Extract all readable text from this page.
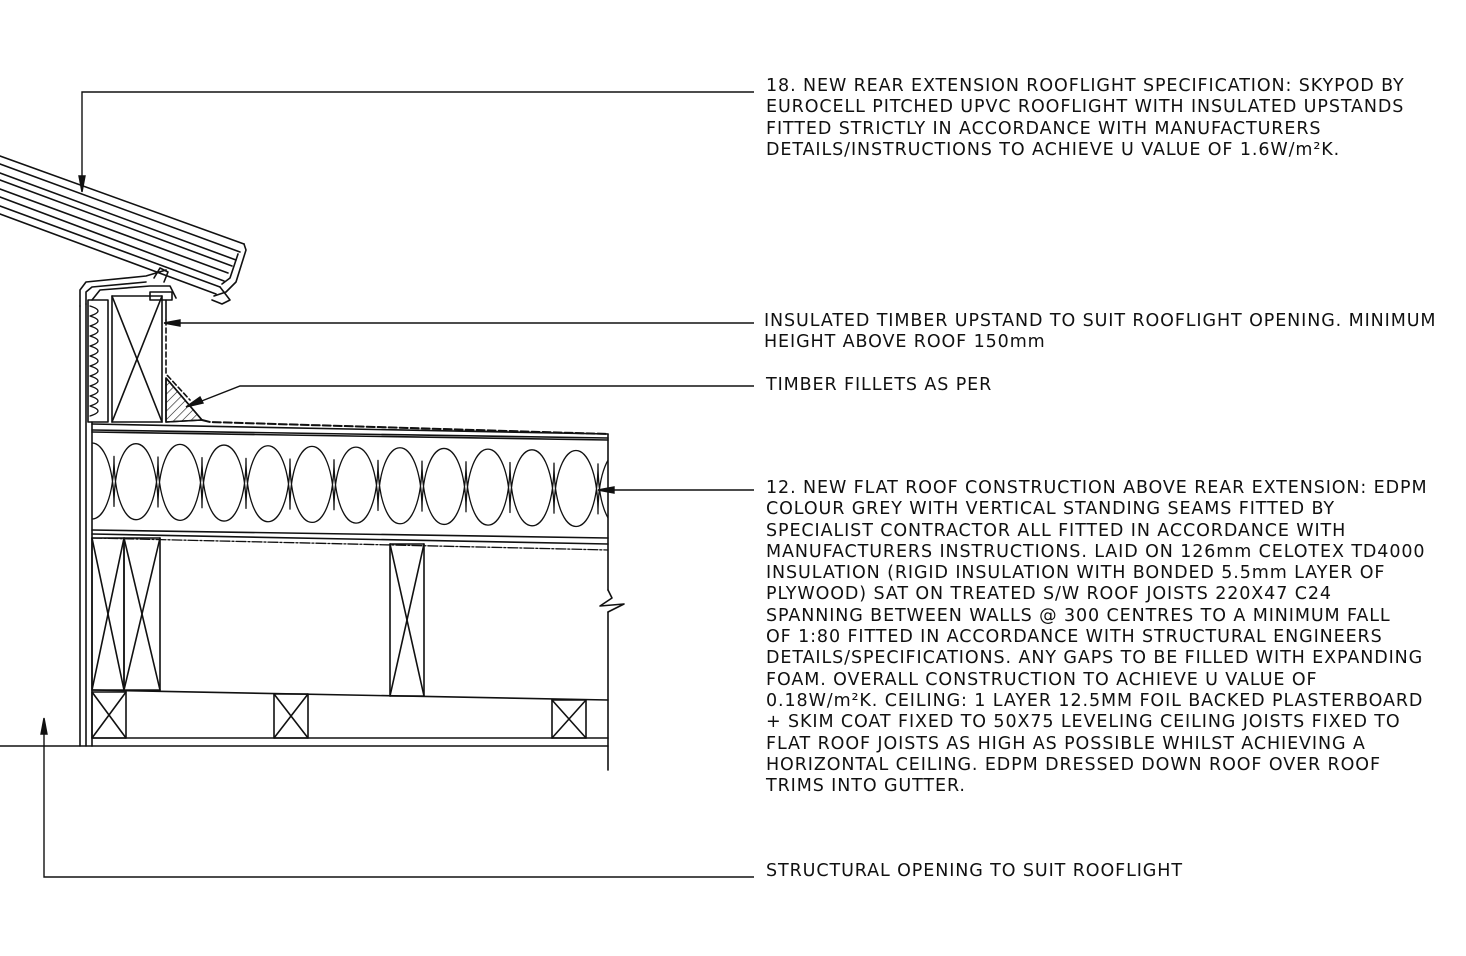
18. NEW REAR EXTENSION ROOFLIGHT SPECIFICATION: SKYPOD BY
EUROCELL PITCHED UPVC ROOFLIGHT WITH INSULATED UPSTANDS
FITTED STRICTLY IN ACCORDANCE WITH MANUFACTURERS
DETAILS/INSTRUCTIONS TO ACHIEVE U VALUE OF 1.6W/m²K.

INSULATED TIMBER UPSTAND TO SUIT ROOFLIGHT OPENING. MINIMUM
HEIGHT ABOVE ROOF 150mm

TIMBER FILLETS AS PER

12. NEW FLAT ROOF CONSTRUCTION ABOVE REAR EXTENSION: EDPM
COLOUR GREY WITH VERTICAL STANDING SEAMS FITTED BY
SPECIALIST CONTRACTOR ALL FITTED IN ACCORDANCE WITH
MANUFACTURERS INSTRUCTIONS. LAID ON 126mm CELOTEX TD4000
INSULATION (RIGID INSULATION WITH BONDED 5.5mm LAYER OF
PLYWOOD) SAT ON TREATED S/W ROOF JOISTS 220X47 C24
SPANNING BETWEEN WALLS @ 300 CENTRES TO A MINIMUM FALL
OF 1:80 FITTED IN ACCORDANCE WITH STRUCTURAL ENGINEERS
DETAILS/SPECIFICATIONS. ANY GAPS TO BE FILLED WITH EXPANDING
FOAM. OVERALL CONSTRUCTION TO ACHIEVE U VALUE OF
0.18W/m²K. CEILING: 1 LAYER 12.5MM FOIL BACKED PLASTERBOARD
+ SKIM COAT FIXED TO 50X75 LEVELING CEILING JOISTS FIXED TO
FLAT ROOF JOISTS AS HIGH AS POSSIBLE WHILST ACHIEVING A
HORIZONTAL CEILING. EDPM DRESSED DOWN ROOF OVER ROOF
TRIMS INTO GUTTER.

STRUCTURAL OPENING TO SUIT ROOFLIGHT
